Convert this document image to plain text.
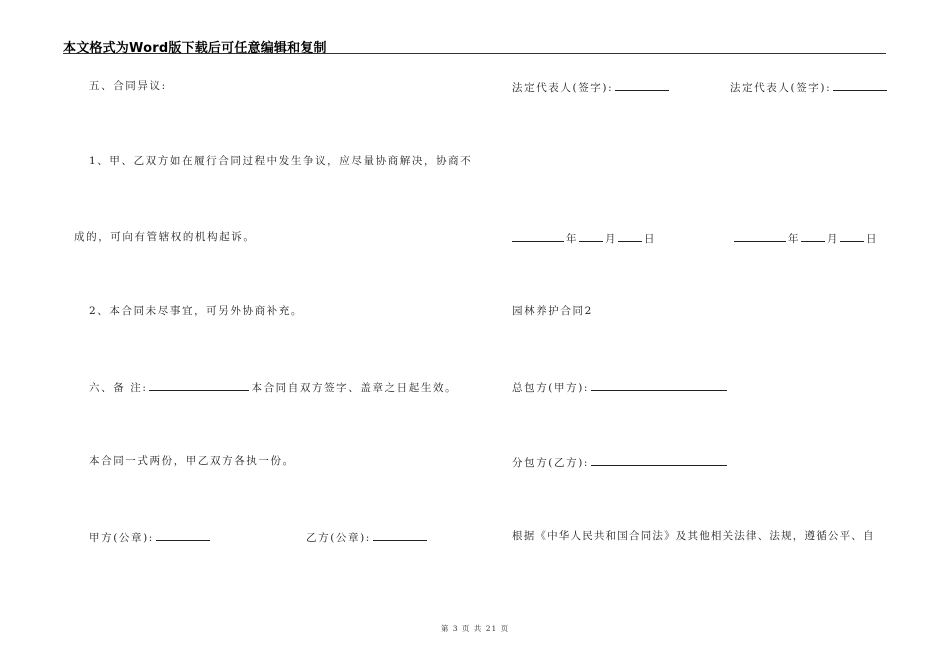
本文格式为Word版下载后可任意编辑和复制
五、合同异议:
1、甲、乙双方如在履行合同过程中发生争议，应尽量协商解决，协商不
成的，可向有管辖权的机构起诉。
2、本合同未尽事宜，可另外协商补充。
六、备 注:	本合同自双方签字、盖章之日起生效。
本合同一式两份，甲乙双方各执一份。
甲方(公章):	乙方(公章):
法定代表人(签字):	法定代表人(签字):
年	月	日	年	月	日
园林养护合同2
总包方(甲方):
分包方(乙方):
根据《中华人民共和国合同法》及其他相关法律、法规，遵循公平、自
第 3 页 共 21 页
